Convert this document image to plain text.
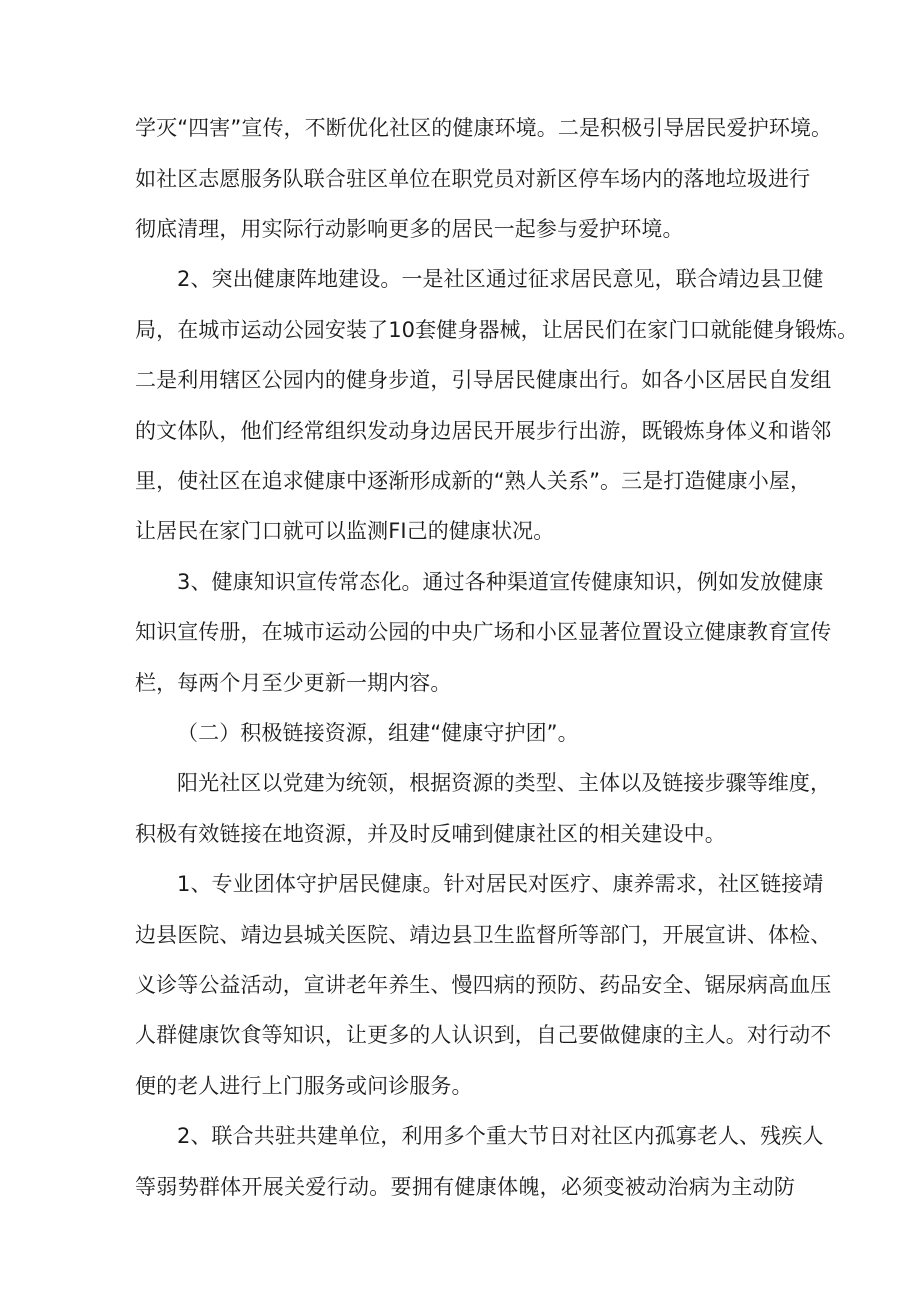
学灭“四害”宣传，不断优化社区的健康环境。二是积极引导居民爱护环境。
如社区志愿服务队联合驻区单位在职党员对新区停车场内的落地垃圾进行
彻底清理，用实际行动影响更多的居民一起参与爱护环境。
2、突出健康阵地建设。一是社区通过征求居民意见，联合靖边县卫健
局，在城市运动公园安装了10套健身器械，让居民们在家门口就能健身锻炼。
二是利用辖区公园内的健身步道，引导居民健康出行。如各小区居民自发组
的文体队，他们经常组织发动身边居民开展步行出游，既锻炼身体义和谐邻
里，使社区在追求健康中逐渐形成新的“熟人关系”。三是打造健康小屋，
让居民在家门口就可以监测FI己的健康状况。
3、健康知识宣传常态化。通过各种渠道宣传健康知识，例如发放健康
知识宣传册，在城市运动公园的中央广场和小区显著位置设立健康教育宣传
栏，每两个月至少更新一期内容。
（二）积极链接资源，组建“健康守护团”。
阳光社区以党建为统领，根据资源的类型、主体以及链接步骤等维度，
积极有效链接在地资源，并及时反哺到健康社区的相关建设中。
1、专业团体守护居民健康。针对居民对医疗、康养需求，社区链接靖
边县医院、靖边县城关医院、靖边县卫生监督所等部门，开展宣讲、体检、
义诊等公益活动，宣讲老年养生、慢四病的预防、药品安全、锯尿病高血压
人群健康饮食等知识，让更多的人认识到，自己要做健康的主人。对行动不
便的老人进行上门服务或问诊服务。
2、联合共驻共建单位，利用多个重大节日对社区内孤寡老人、残疾人
等弱势群体开展关爱行动。要拥有健康体魄，必须变被动治病为主动防
